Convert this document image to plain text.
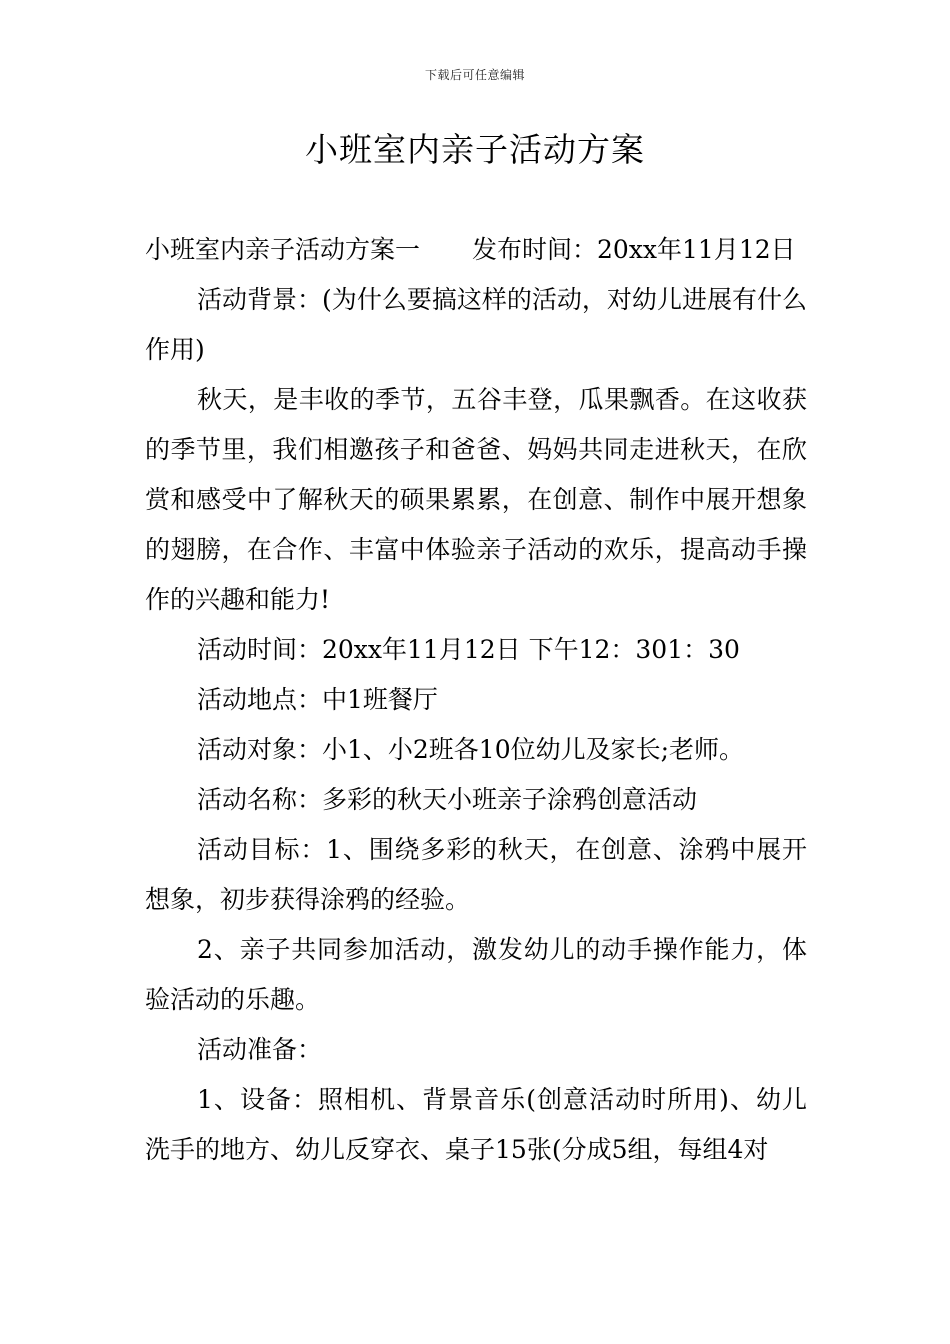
下载后可任意编辑
小班室内亲子活动方案

小班室内亲子活动方案一 发布时间：20xx年11月12日

活动背景：(为什么要搞这样的活动，对幼儿进展有什么作用)

秋天，是丰收的季节，五谷丰登，瓜果飘香。在这收获的季节里，我们相邀孩子和爸爸、妈妈共同走进秋天，在欣赏和感受中了解秋天的硕果累累，在创意、制作中展开想象的翅膀，在合作、丰富中体验亲子活动的欢乐，提高动手操作的兴趣和能力!

活动时间：20xx年11月12日 下午12：301：30

活动地点：中1班餐厅

活动对象：小1、小2班各10位幼儿及家长;老师。

活动名称：多彩的秋天小班亲子涂鸦创意活动

活动目标：1、围绕多彩的秋天，在创意、涂鸦中展开想象，初步获得涂鸦的经验。

2、亲子共同参加活动，激发幼儿的动手操作能力，体验活动的乐趣。

活动准备：

1、设备：照相机、背景音乐(创意活动时所用)、幼儿洗手的地方、幼儿反穿衣、桌子15张(分成5组，每组4对
